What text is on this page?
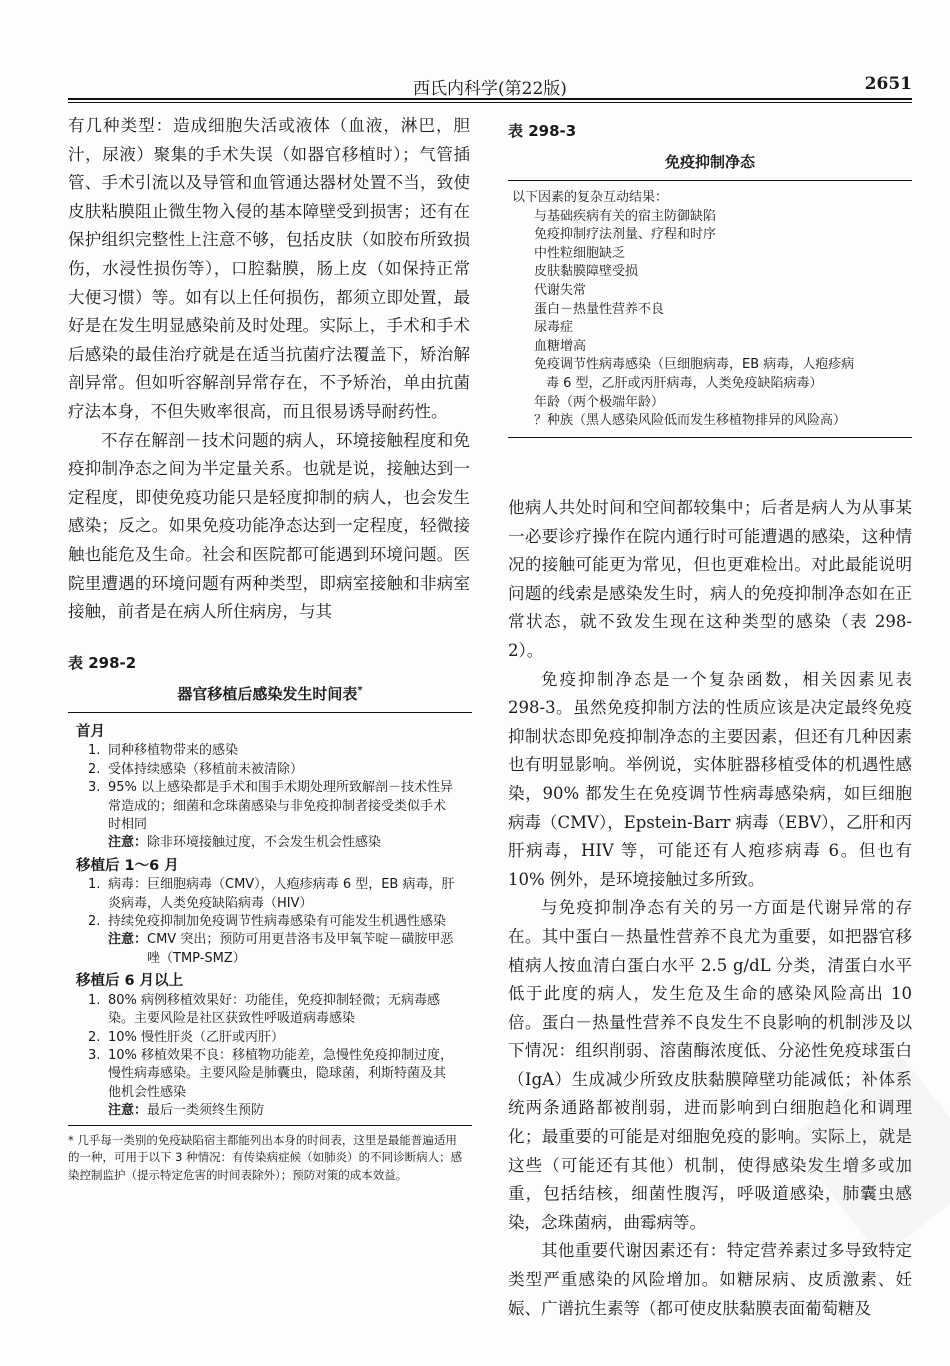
西氏内科学(第22版)	2651

有几种类型：造成细胞失活或液体（血液，淋巴，胆汁，尿液）聚集的手术失误（如器官移植时）；气管插管、手术引流以及导管和血管通达器材处置不当，致使皮肤粘膜阻止微生物入侵的基本障壁受到损害；还有在保护组织完整性上注意不够，包括皮肤（如胶布所致损伤，水浸性损伤等），口腔黏膜，肠上皮（如保持正常大便习惯）等。如有以上任何损伤，都须立即处置，最好是在发生明显感染前及时处理。实际上，手术和手术后感染的最佳治疗就是在适当抗菌疗法覆盖下，矫治解剖异常。但如听容解剖异常存在，不予矫治，单由抗菌疗法本身，不但失败率很高，而且很易诱导耐药性。

不存在解剖－技术问题的病人，环境接触程度和免疫抑制净态之间为半定量关系。也就是说，接触达到一定程度，即使免疫功能只是轻度抑制的病人，也会发生感染；反之。如果免疫功能净态达到一定程度，轻微接触也能危及生命。社会和医院都可能遇到环境问题。医院里遭遇的环境问题有两种类型，即病室接触和非病室接触，前者是在病人所住病房，与其

表 298-3
免疫抑制净态
以下因素的复杂互动结果：
与基础疾病有关的宿主防御缺陷
免疫抑制疗法剂量、疗程和时序
中性粒细胞缺乏
皮肤黏膜障壁受损
代谢失常
蛋白－热量性营养不良
尿毒症
血糖增高
免疫调节性病毒感染（巨细胞病毒，EB 病毒，人疱疹病
毒 6 型，乙肝或丙肝病毒，人类免疫缺陷病毒）
年龄（两个极端年龄）
？种族（黑人感染风险低而发生移植物排异的风险高）

他病人共处时间和空间都较集中；后者是病人为从事某一必要诊疗操作在院内通行时可能遭遇的感染，这种情况的接触可能更为常见，但也更难检出。对此最能说明问题的线索是感染发生时，病人的免疫抑制净态如在正常状态，就不致发生现在这种类型的感染（表 298-2）。

免疫抑制净态是一个复杂函数，相关因素见表 298-3。虽然免疫抑制方法的性质应该是决定最终免疫抑制状态即免疫抑制净态的主要因素，但还有几种因素也有明显影响。举例说，实体脏器移植受体的机遇性感染，90% 都发生在免疫调节性病毒感染病，如巨细胞病毒（CMV），Epstein-Barr 病毒（EBV），乙肝和丙肝病毒，HIV 等，可能还有人疱疹病毒 6。但也有 10% 例外，是环境接触过多所致。

与免疫抑制净态有关的另一方面是代谢异常的存在。其中蛋白－热量性营养不良尤为重要，如把器官移植病人按血清白蛋白水平 2.5 g/dL 分类，清蛋白水平低于此度的病人，发生危及生命的感染风险高出 10 倍。蛋白－热量性营养不良发生不良影响的机制涉及以下情况：组织削弱、溶菌酶浓度低、分泌性免疫球蛋白（IgA）生成减少所致皮肤黏膜障壁功能减低；补体系统两条通路都被削弱，进而影响到白细胞趋化和调理化；最重要的可能是对细胞免疫的影响。实际上，就是这些（可能还有其他）机制，使得感染发生增多或加重，包括结核，细菌性腹泻，呼吸道感染，肺囊虫感染，念珠菌病，曲霉病等。

其他重要代谢因素还有：特定营养素过多导致特定类型严重感染的风险增加。如糖尿病、皮质激素、妊娠、广谱抗生素等（都可使皮肤黏膜表面葡萄糖及

表 298-2
器官移植后感染发生时间表*
首月
1. 同种移植物带来的感染
2. 受体持续感染（移植前未被清除）
3. 95% 以上感染都是手术和围手术期处理所致解剖－技术性异常造成的；细菌和念珠菌感染与非免疫抑制者接受类似手术时相同
注意： 除非环境接触过度，不会发生机会性感染
移植后 1～6 月
1. 病毒：巨细胞病毒（CMV），人疱疹病毒 6 型，EB 病毒，肝炎病毒，人类免疫缺陷病毒（HIV）
2. 持续免疫抑制加免疫调节性病毒感染有可能发生机遇性感染
注意： CMV 突出；预防可用更昔洛韦及甲氧苄啶－磺胺甲恶唑（TMP-SMZ）
移植后 6 月以上
1. 80% 病例移植效果好：功能佳，免疫抑制轻微；无病毒感染。主要风险是社区获致性呼吸道病毒感染
2. 10% 慢性肝炎（乙肝或丙肝）
3. 10% 移植效果不良：移植物功能差，急慢性免疫抑制过度，慢性病毒感染。主要风险是肺囊虫，隐球菌，利斯特菌及其他机会性感染
注意： 最后一类须终生预防
* 几乎每一类别的免疫缺陷宿主都能列出本身的时间表，这里是最能普遍适用的一种，可用于以下 3 种情况：有传染病症候（如肺炎）的不同诊断病人；感染控制监护（提示特定危害的时间表除外）；预防对策的成本效益。
